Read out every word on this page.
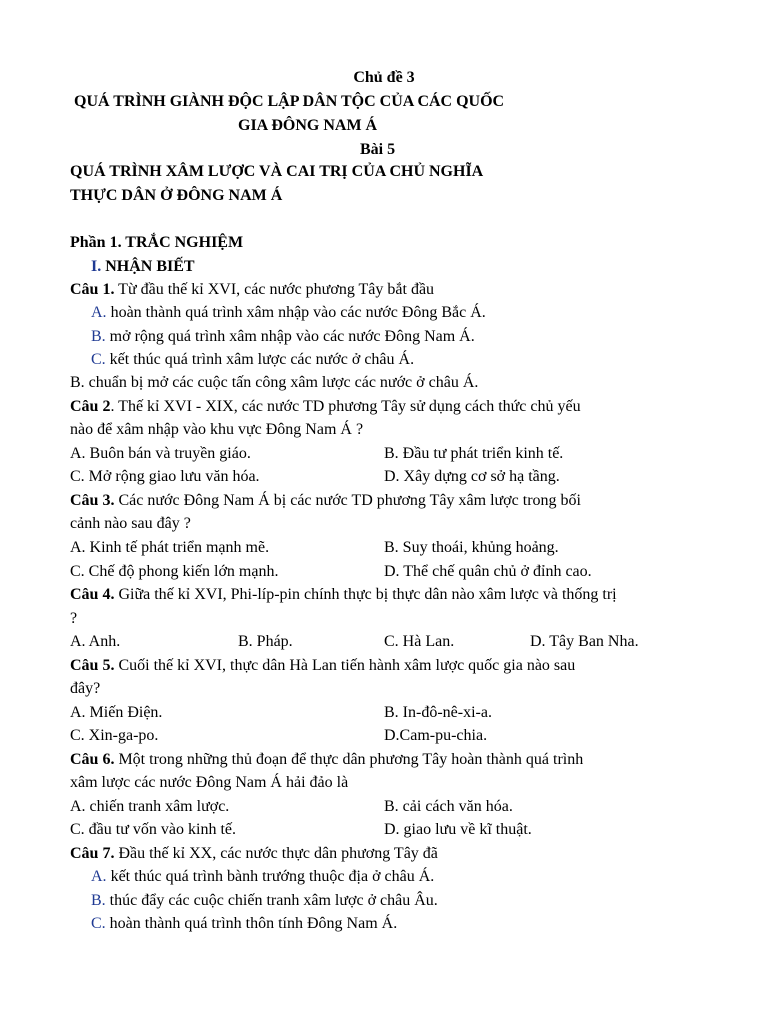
Chủ đề 3
QUÁ TRÌNH GIÀNH ĐỘC LẬP DÂN TỘC CỦA CÁC QUỐC
GIA ĐÔNG NAM Á
Bài 5
QUÁ TRÌNH XÂM LƯỢC VÀ CAI TRỊ CỦA CHỦ NGHĨA
THỰC DÂN Ở ĐÔNG NAM Á
Phần 1. TRẮC NGHIỆM
I. NHẬN BIẾT
Câu 1. Từ đầu thế kỉ XVI, các nước phương Tây bắt đầu
A. hoàn thành quá trình xâm nhập vào các nước Đông Bắc Á.
B. mở rộng quá trình xâm nhập vào các nước Đông Nam Á.
C. kết thúc quá trình xâm lược các nước ở châu Á.
B. chuẩn bị mở các cuộc tấn công xâm lược các nước ở châu Á.
Câu 2. Thế kỉ XVI - XIX, các nước TD phương Tây sử dụng cách thức chủ yếu
nào để xâm nhập vào khu vực Đông Nam Á ?
A. Buôn bán và truyền giáo.	B. Đầu tư phát triển kinh tế.
C. Mở rộng giao lưu văn hóa.	D. Xây dựng cơ sở hạ tầng.
Câu 3. Các nước Đông Nam Á bị các nước TD phương Tây xâm lược trong bối
cảnh nào sau đây ?
A. Kinh tế phát triển mạnh mẽ.	B. Suy thoái, khủng hoảng.
C. Chế độ phong kiến lớn mạnh.	D. Thể chế quân chủ ở đỉnh cao.
Câu 4. Giữa thế kỉ XVI, Phi-líp-pin chính thực bị thực dân nào xâm lược và thống trị
?
A. Anh.	B. Pháp.	C. Hà Lan.	D. Tây Ban Nha.
Câu 5. Cuối thế kỉ XVI, thực dân Hà Lan tiến hành xâm lược quốc gia nào sau
đây?
A. Miến Điện.	B. In-đô-nê-xi-a.
C. Xin-ga-po.	D.Cam-pu-chia.
Câu 6. Một trong những thủ đoạn để thực dân phương Tây hoàn thành quá trình
xâm lược các nước Đông Nam Á hải đảo là
A. chiến tranh xâm lược.	B. cải cách văn hóa.
C. đầu tư vốn vào kinh tế.	D. giao lưu về kĩ thuật.
Câu 7. Đầu thế kỉ XX, các nước thực dân phương Tây đã
A. kết thúc quá trình bành trướng thuộc địa ở châu Á.
B. thúc đẩy các cuộc chiến tranh xâm lược ở châu Âu.
C. hoàn thành quá trình thôn tính Đông Nam Á.
